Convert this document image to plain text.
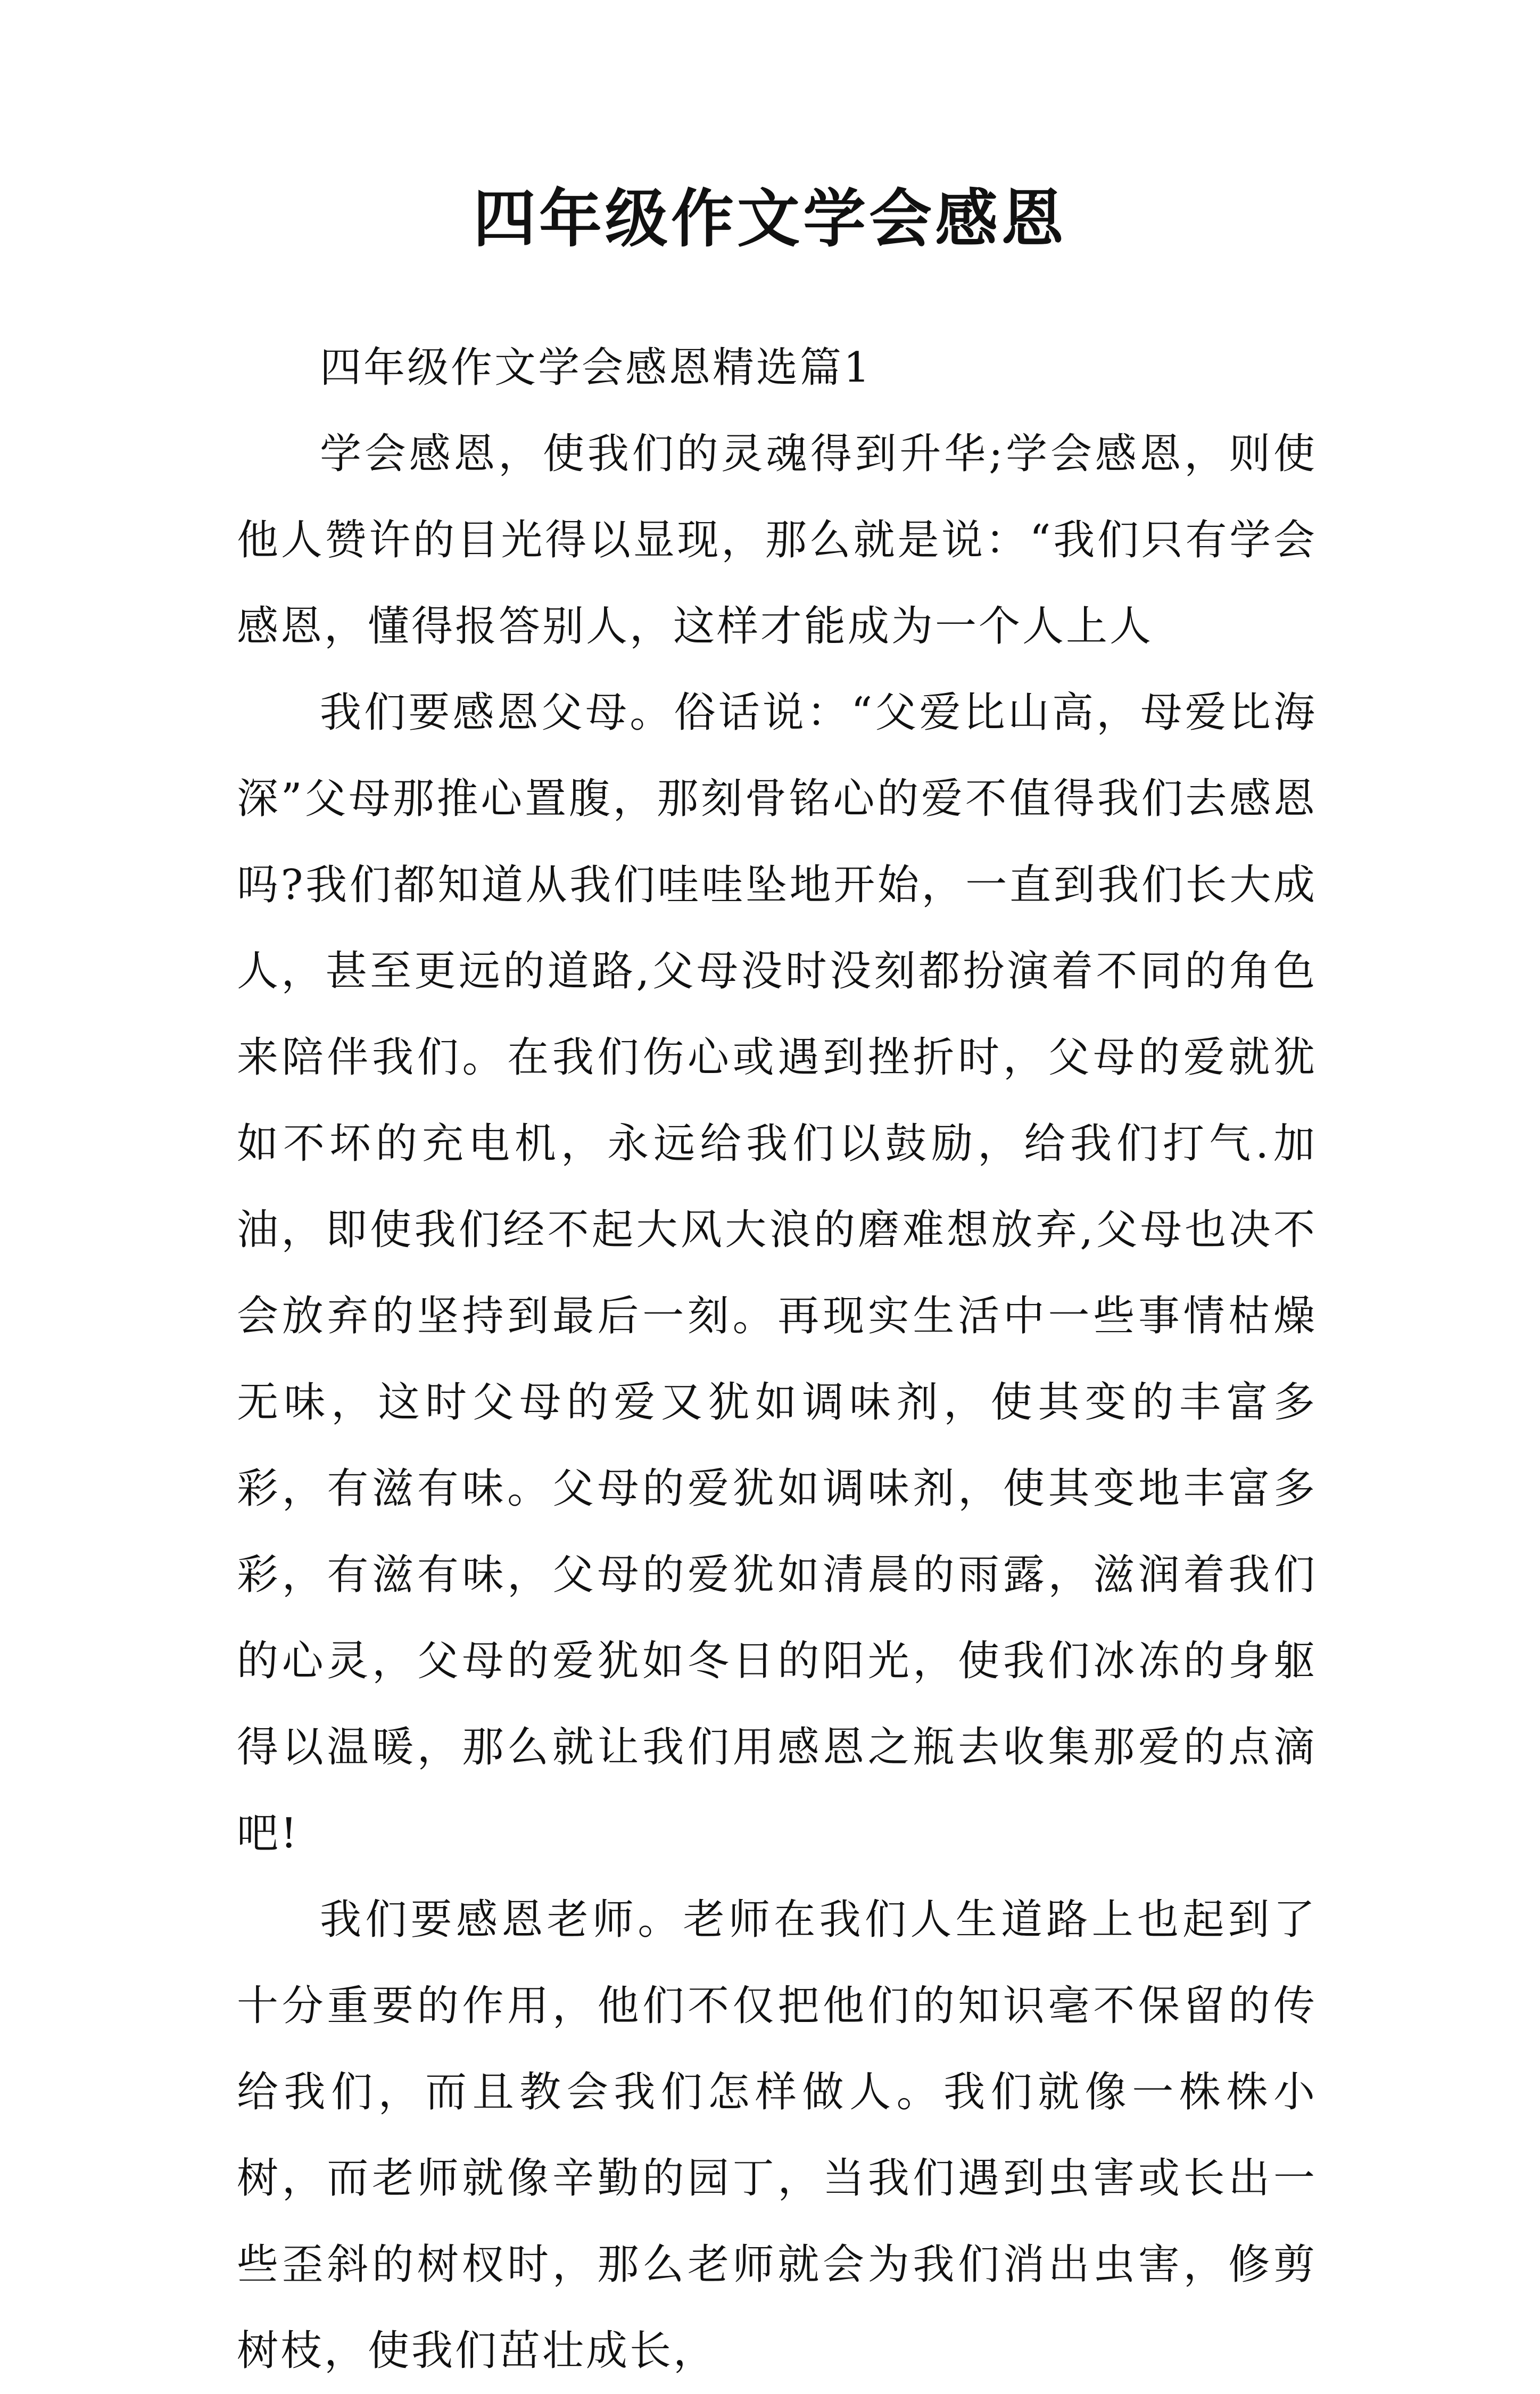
四年级作文学会感恩

四年级作文学会感恩精选篇1

学会感恩，使我们的灵魂得到升华;学会感恩，则使他人赞许的目光得以显现，那么就是说：“我们只有学会感恩，懂得报答别人，这样才能成为一个人上人

我们要感恩父母。俗话说：“父爱比山高，母爱比海深”父母那推心置腹，那刻骨铭心的爱不值得我们去感恩吗?我们都知道从我们哇哇坠地开始，一直到我们长大成人，甚至更远的道路,父母没时没刻都扮演着不同的角色来陪伴我们。在我们伤心或遇到挫折时，父母的爱就犹如不坏的充电机，永远给我们以鼓励，给我们打气.加油，即使我们经不起大风大浪的磨难想放弃,父母也决不会放弃的坚持到最后一刻。再现实生活中一些事情枯燥无味，这时父母的爱又犹如调味剂，使其变的丰富多彩，有滋有味。父母的爱犹如调味剂，使其变地丰富多彩，有滋有味，父母的爱犹如清晨的雨露，滋润着我们的心灵，父母的爱犹如冬日的阳光，使我们冰冻的身躯得以温暖，那么就让我们用感恩之瓶去收集那爱的点滴吧!

我们要感恩老师。老师在我们人生道路上也起到了十分重要的作用，他们不仅把他们的知识毫不保留的传给我们，而且教会我们怎样做人。我们就像一株株小树，而老师就像辛勤的园丁，当我们遇到虫害或长出一些歪斜的树杈时，那么老师就会为我们消出虫害，修剪树枝，使我们茁壮成长，
